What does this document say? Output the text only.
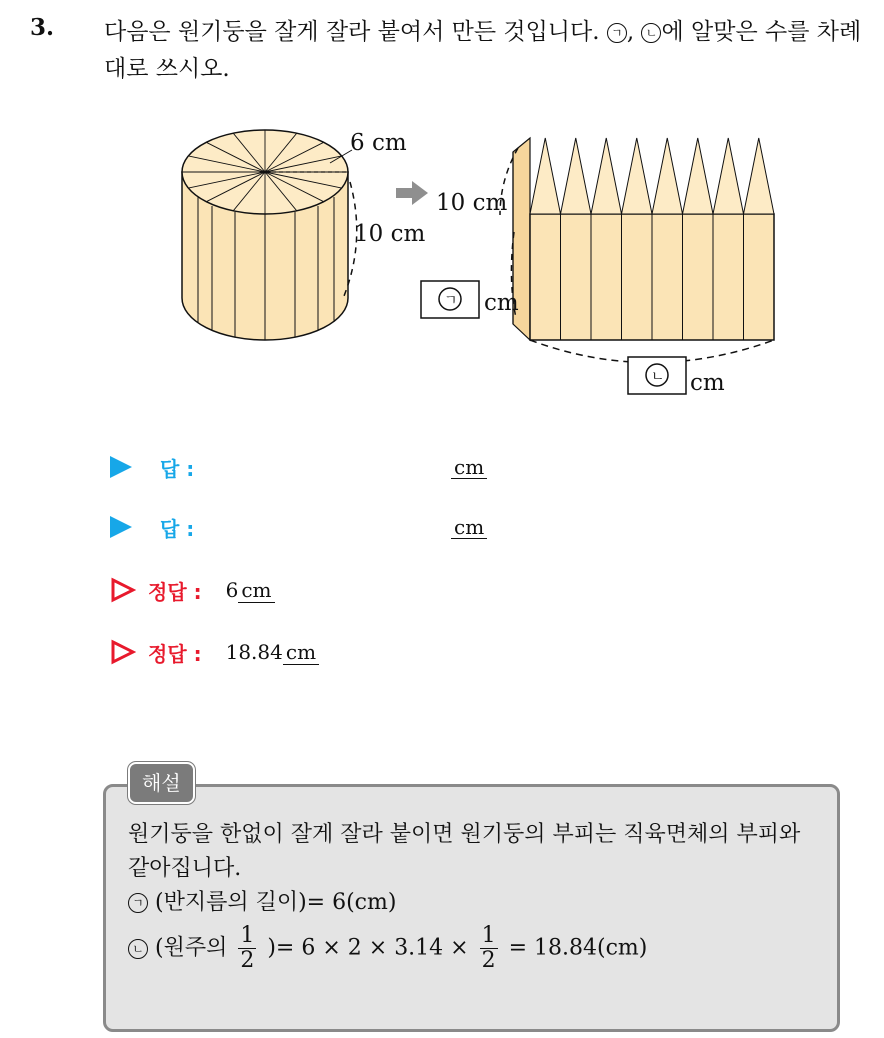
3. 다음은 원기둥을 잘게 잘라 붙여서 만든 것입니다. ㄱ , ㄴ 에 알맞은 수를 차례대로 쓰시오.
6 cm
10 cm
10 cm
ㄱ cm
ㄴ cm
답 :	cm
답 :	cm
정답 : 6 cm
정답 : 18.84 cm
해설
원기둥을 한없이 잘게 잘라 붙이면 원기둥의 부피는 직육면체의 부피와 같아집니다.
ㄱ (반지름의 길이)= 6(cm)
ㄴ (원주의 $\frac{1}{2}$ )= $6 \times 2 \times 3.14 \times \frac{1}{2} = 18.84(cm)$
